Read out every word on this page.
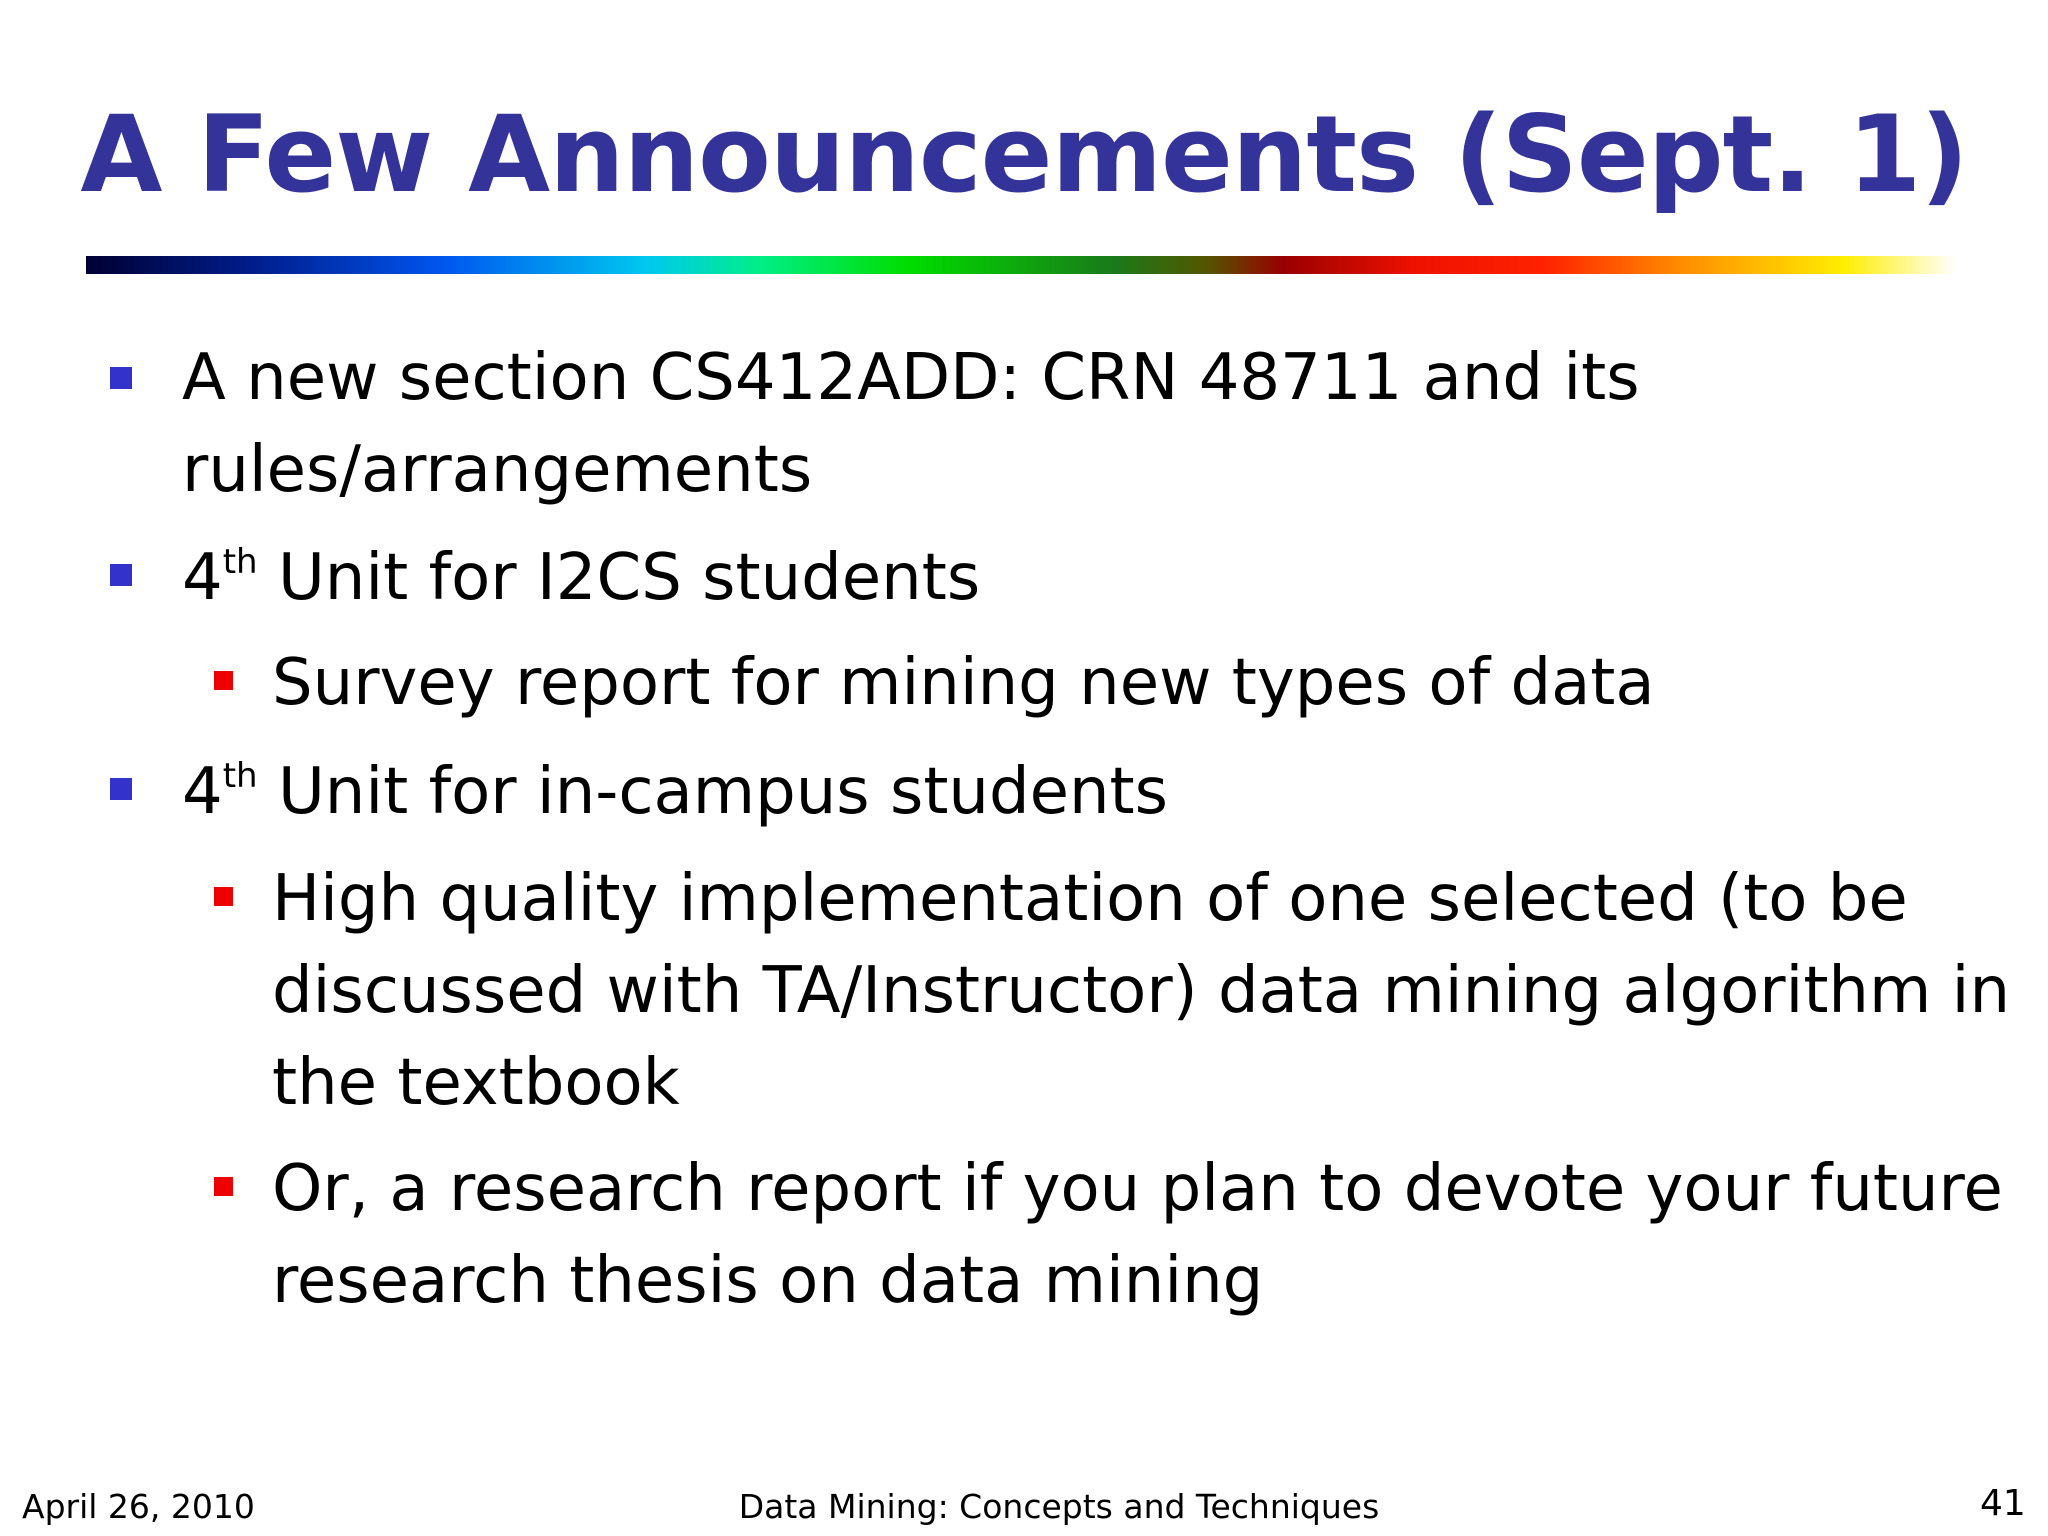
A Few Announcements (Sept. 1)
A new section CS412ADD: CRN 48711 and its
rules/arrangements
4th Unit for I2CS students
Survey report for mining new types of data
4th Unit for in-campus students
High quality implementation of one selected (to be
discussed with TA/Instructor) data mining algorithm in
the textbook
Or, a research report if you plan to devote your future
research thesis on data mining
April 26, 2010	Data Mining: Concepts and Techniques	41
